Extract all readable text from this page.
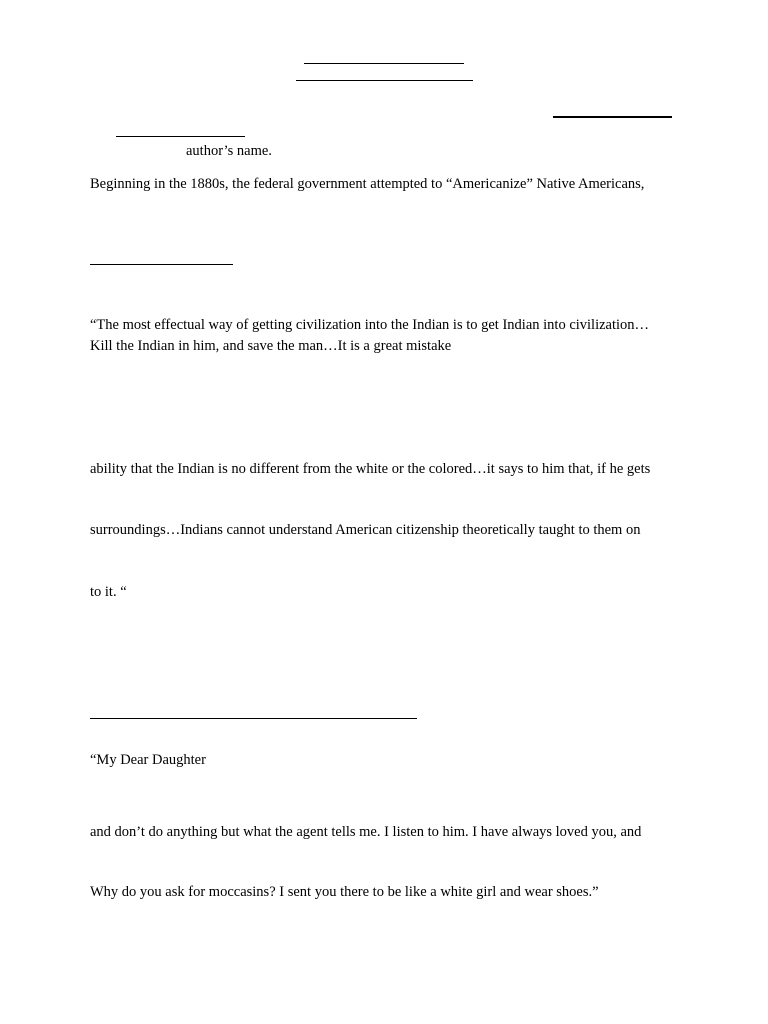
author’s name.
Beginning in the 1880s, the federal government attempted to “Americanize” Native Americans,
“The most effectual way of getting civilization into the Indian is to get Indian into civilization…
Kill the Indian in him, and save the man…It is a great mistake
ability that the Indian is no different from the white or the colored…it says to him that, if he gets
surroundings…Indians cannot understand American citizenship theoretically taught to them on
to it. “
“My Dear Daughter
and don’t do anything but what the agent tells me. I listen to him. I have always loved you, and
Why do you ask for moccasins? I sent you there to be like a white girl and wear shoes.”
